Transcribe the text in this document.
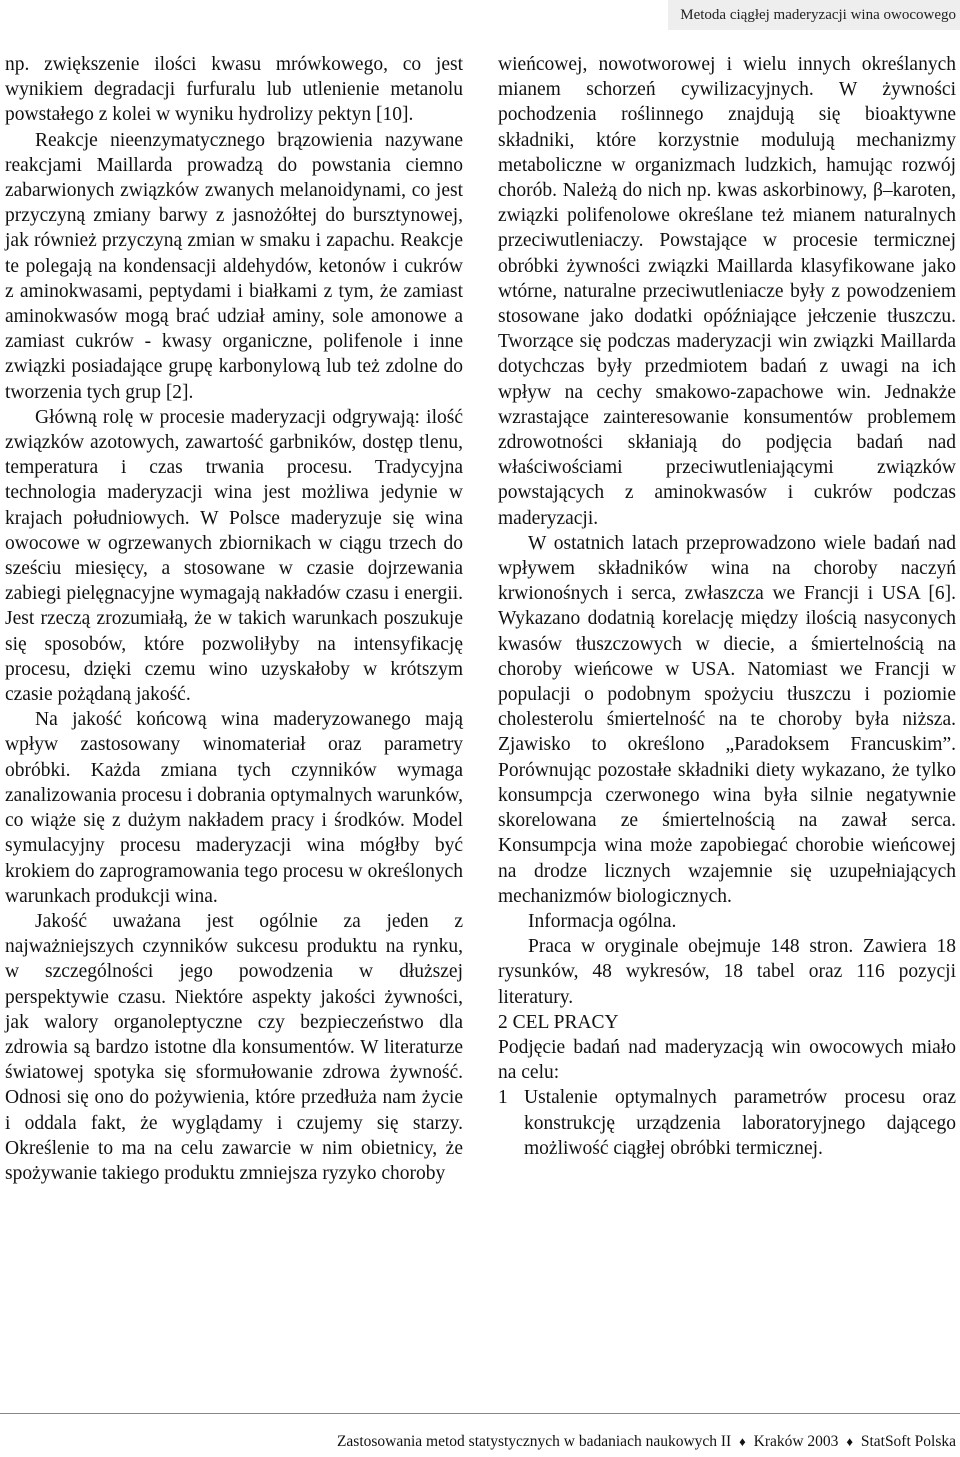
Metoda ciągłej maderyzacji wina owocowego

np. zwiększenie ilości kwasu mrówkowego, co jest wynikiem degradacji furfuralu lub utlenienie metanolu powstałego z kolei w wyniku hydrolizy pektyn [10].

Reakcje nieenzymatycznego brązowienia nazywane reakcjami Maillarda prowadzą do powstania ciemno zabarwionych związków zwanych melanoidynami, co jest przyczyną zmiany barwy z jasnożółtej do bursztynowej, jak również przyczyną zmian w smaku i zapachu. Reakcje te polegają na kondensacji aldehydów, ketonów i cukrów z aminokwasami, peptydami i białkami z tym, że zamiast aminokwasów mogą brać udział aminy, sole amonowe a zamiast cukrów - kwasy organiczne, polifenole i inne związki posiadające grupę karbonylową lub też zdolne do tworzenia tych grup [2].

Główną rolę w procesie maderyzacji odgrywają: ilość związków azotowych, zawartość garbników, dostęp tlenu, temperatura i czas trwania procesu. Tradycyjna technologia maderyzacji wina jest możliwa jedynie w krajach południowych. W Polsce maderyzuje się wina owocowe w ogrzewanych zbiornikach w ciągu trzech do sześciu miesięcy, a stosowane w czasie dojrzewania zabiegi pielęgnacyjne wymagają nakładów czasu i energii. Jest rzeczą zrozumiałą, że w takich warunkach poszukuje się sposobów, które pozwoliłyby na intensyfikację procesu, dzięki czemu wino uzyskałoby w krótszym czasie pożądaną jakość.

Na jakość końcową wina maderyzowanego mają wpływ zastosowany winomateriał oraz parametry obróbki. Każda zmiana tych czynników wymaga zanalizowania procesu i dobrania optymalnych warunków, co wiąże się z dużym nakładem pracy i środków. Model symulacyjny procesu maderyzacji wina mógłby być krokiem do zaprogramowania tego procesu w określonych warunkach produkcji wina.

Jakość uważana jest ogólnie za jeden z najważniejszych czynników sukcesu produktu na rynku, w szczególności jego powodzenia w dłuższej perspektywie czasu. Niektóre aspekty jakości żywności, jak walory organoleptyczne czy bezpieczeństwo dla zdrowia są bardzo istotne dla konsumentów. W literaturze światowej spotyka się sformułowanie zdrowa żywność. Odnosi się ono do pożywienia, które przedłuża nam życie i oddala fakt, że wyglądamy i czujemy się starzy. Określenie to ma na celu zawarcie w nim obietnicy, że spożywanie takiego produktu zmniejsza ryzyko choroby

wieńcowej, nowotworowej i wielu innych określanych mianem schorzeń cywilizacyjnych. W żywności pochodzenia roślinnego znajdują się bioaktywne składniki, które korzystnie modulują mechanizmy metaboliczne w organizmach ludzkich, hamując rozwój chorób. Należą do nich np. kwas askorbinowy, β–karoten, związki polifenolowe określane też mianem naturalnych przeciwutleniaczy. Powstające w procesie termicznej obróbki żywności związki Maillarda klasyfikowane jako wtórne, naturalne przeciwutleniacze były z powodzeniem stosowane jako dodatki opóźniające jełczenie tłuszczu. Tworzące się podczas maderyzacji win związki Maillarda dotychczas były przedmiotem badań z uwagi na ich wpływ na cechy smakowo-zapachowe win. Jednakże wzrastające zainteresowanie konsumentów problemem zdrowotności skłaniają do podjęcia badań nad właściwościami przeciwutleniającymi związków powstających z aminokwasów i cukrów podczas maderyzacji.

W ostatnich latach przeprowadzono wiele badań nad wpływem składników wina na choroby naczyń krwionośnych i serca, zwłaszcza we Francji i USA [6]. Wykazano dodatnią korelację między ilością nasyconych kwasów tłuszczowych w diecie, a śmiertelnością na choroby wieńcowe w USA. Natomiast we Francji w populacji o podobnym spożyciu tłuszczu i poziomie cholesterolu śmiertelność na te choroby była niższa. Zjawisko to określono „Paradoksem Francuskim”. Porównując pozostałe składniki diety wykazano, że tylko konsumpcja czerwonego wina była silnie negatywnie skorelowana ze śmiertelnością na zawał serca. Konsumpcja wina może zapobiegać chorobie wieńcowej na drodze licznych wzajemnie się uzupełniających mechanizmów biologicznych.

Informacja ogólna.

Praca w oryginale obejmuje 148 stron. Zawiera 18 rysunków, 48 wykresów, 18 tabel oraz 116 pozycji literatury.

2 CEL PRACY

Podjęcie badań nad maderyzacją win owocowych miało na celu:

1 Ustalenie optymalnych parametrów procesu oraz konstrukcję urządzenia laboratoryjnego dającego możliwość ciągłej obróbki termicznej.
Zastosowania metod statystycznych w badaniach naukowych II ♦ Kraków 2003 ♦ StatSoft Polska
